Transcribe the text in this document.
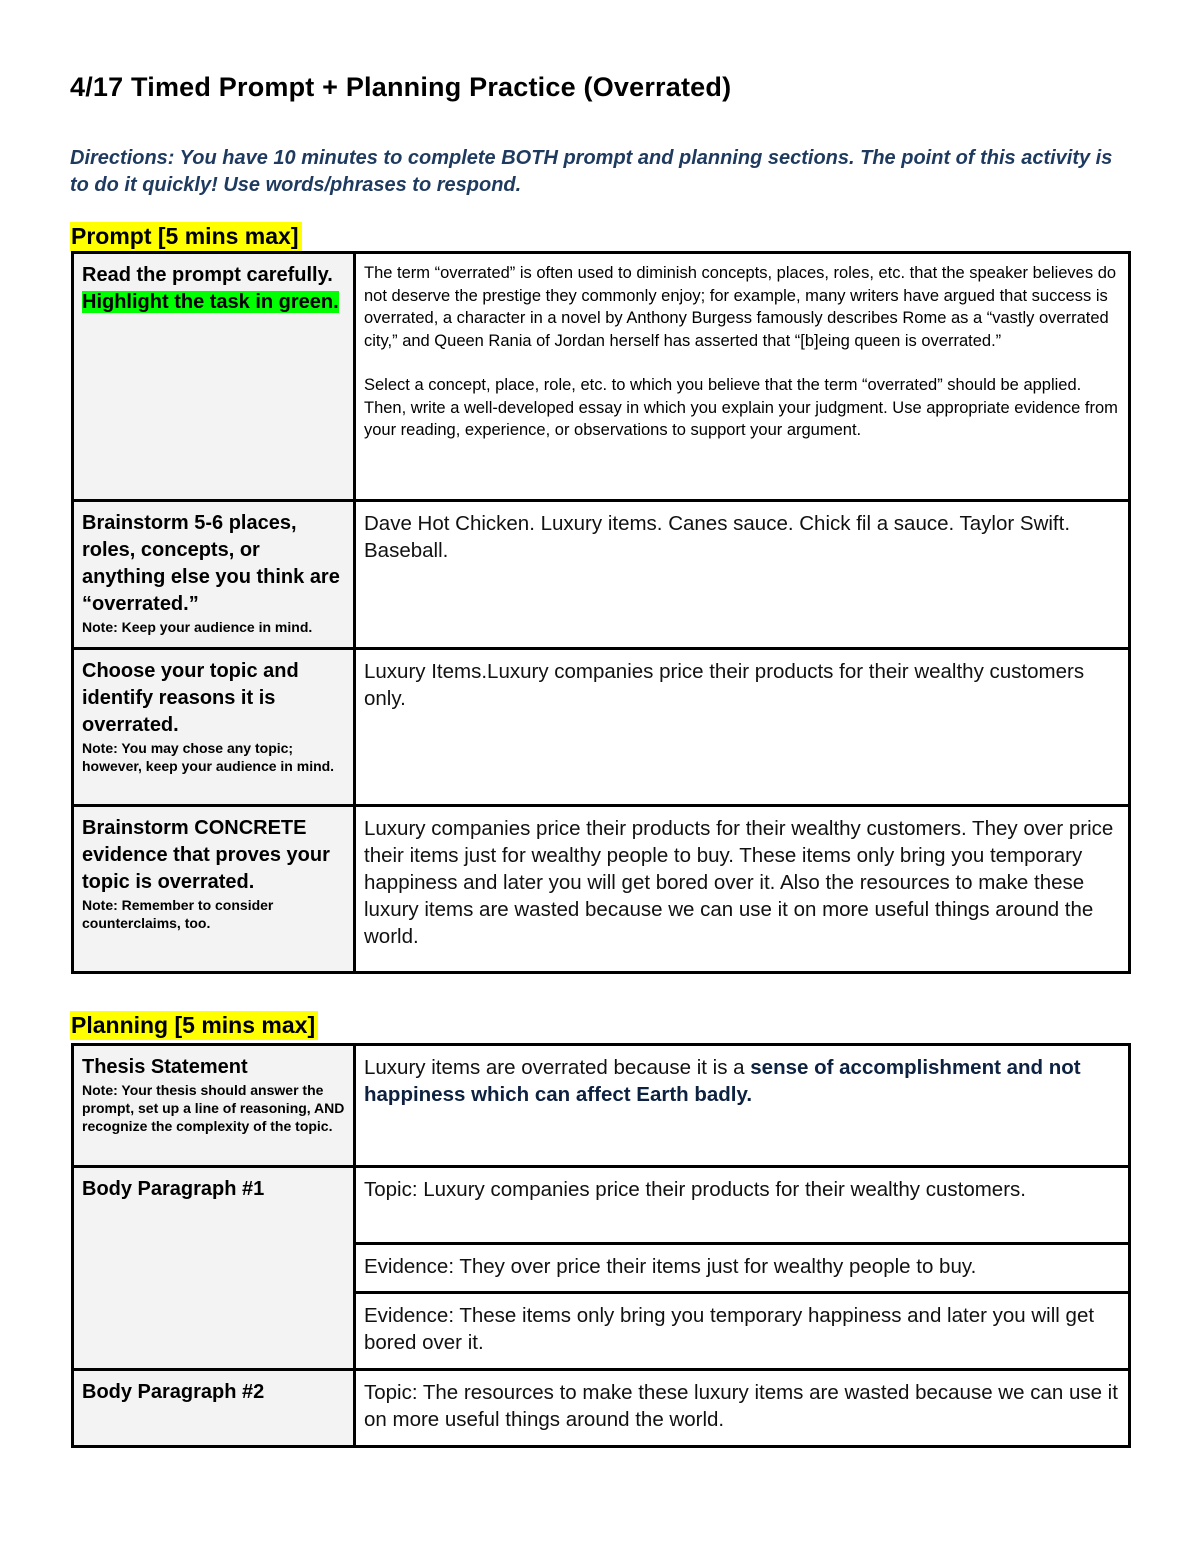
4/17 Timed Prompt + Planning Practice (Overrated)

Directions: You have 10 minutes to complete BOTH prompt and planning sections. The point of this activity is to do it quickly! Use words/phrases to respond.

Prompt [5 mins max]
Read the prompt carefully. Highlight the task in green.	The term “overrated” is often used to diminish concepts, places, roles, etc. that the speaker believes do not deserve the prestige they commonly enjoy; for example, many writers have argued that success is overrated, a character in a novel by Anthony Burgess famously describes Rome as a “vastly overrated city,” and Queen Rania of Jordan herself has asserted that “[b]eing queen is overrated.”

Select a concept, place, role, etc. to which you believe that the term “overrated” should be applied. Then, write a well-developed essay in which you explain your judgment. Use appropriate evidence from your reading, experience, or observations to support your argument.

Brainstorm 5-6 places, roles, concepts, or anything else you think are “overrated.”
Note: Keep your audience in mind.	Dave Hot Chicken. Luxury items. Canes sauce. Chick fil a sauce. Taylor Swift. Baseball.

Choose your topic and identify reasons it is overrated.
Note: You may chose any topic; however, keep your audience in mind.	Luxury Items.Luxury companies price their products for their wealthy customers only.

Brainstorm CONCRETE evidence that proves your topic is overrated.
Note: Remember to consider counterclaims, too.	Luxury companies price their products for their wealthy customers. They over price their items just for wealthy people to buy. These items only bring you temporary happiness and later you will get bored over it. Also the resources to make these luxury items are wasted because we can use it on more useful things around the world.
Planning [5 mins max]
Thesis Statement
Note: Your thesis should answer the prompt, set up a line of reasoning, AND recognize the complexity of the topic.	Luxury items are overrated because it is a sense of accomplishment and not happiness which can affect Earth badly.

Body Paragraph #1	Topic: Luxury companies price their products for their wealthy customers.

	Evidence: They over price their items just for wealthy people to buy.

	Evidence: These items only bring you temporary happiness and later you will get bored over it.

Body Paragraph #2	Topic: The resources to make these luxury items are wasted because we can use it on more useful things around the world.
